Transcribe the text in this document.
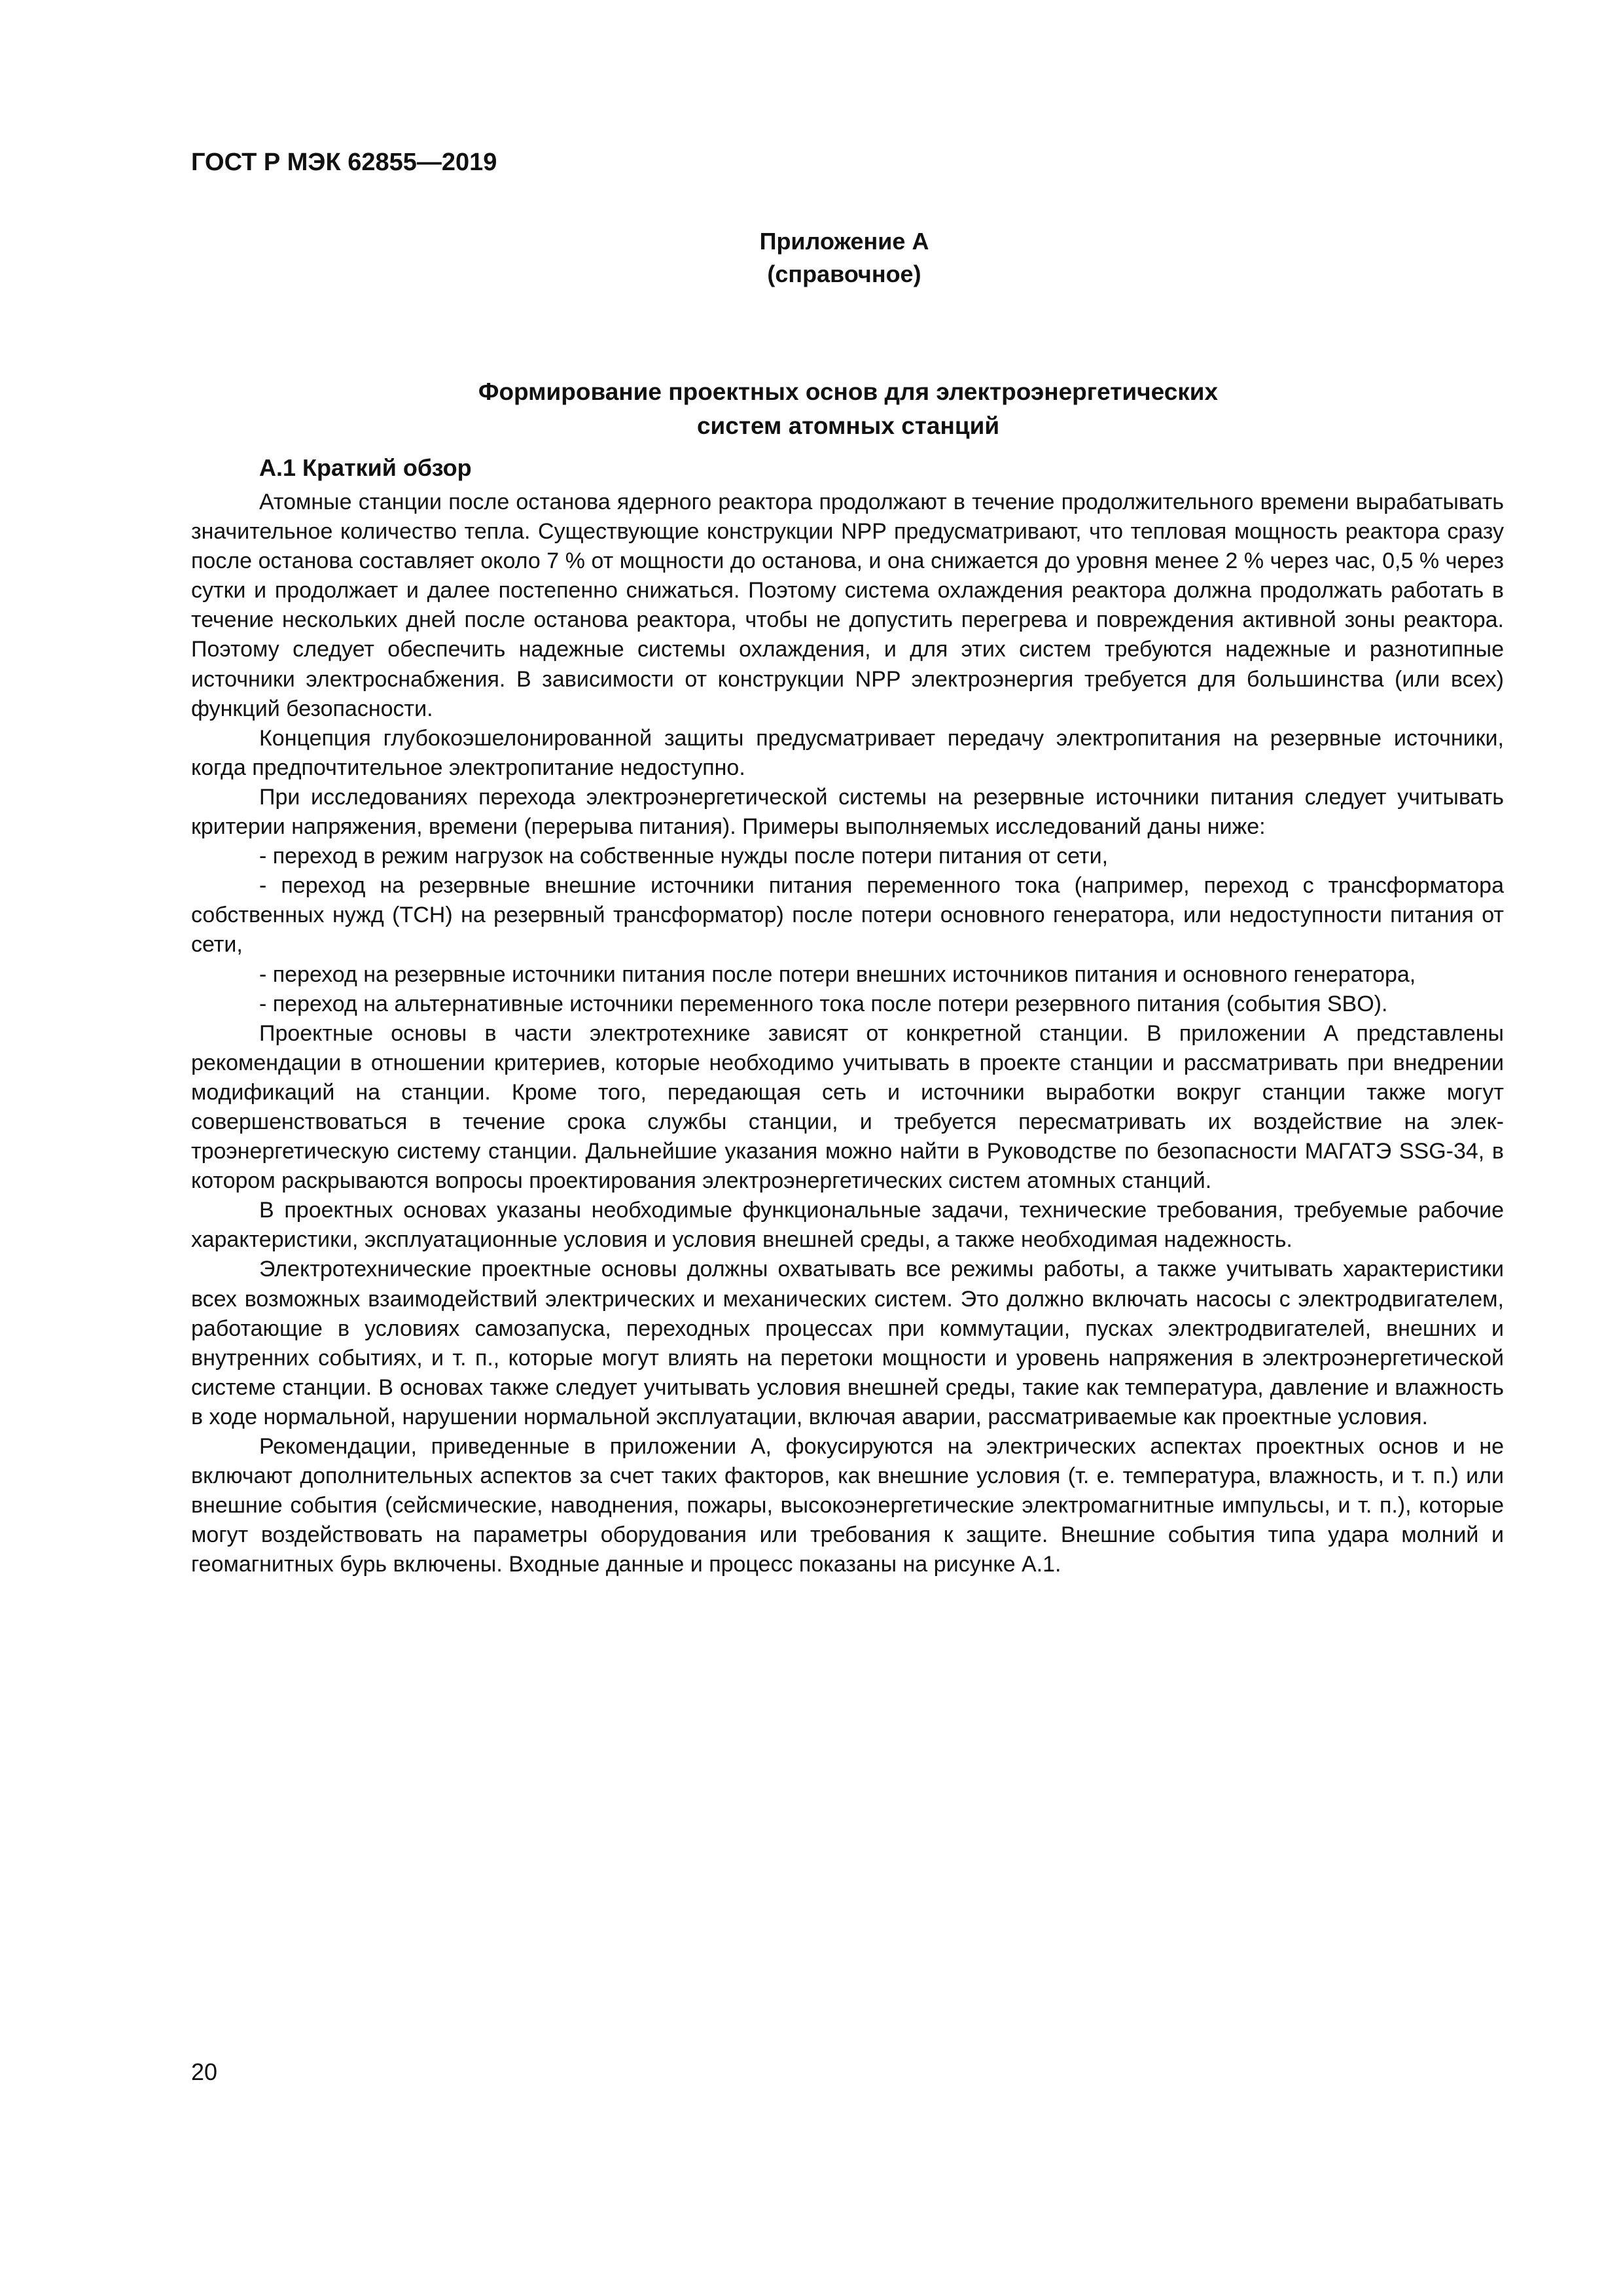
ГОСТ Р МЭК 62855—2019
Приложение А
(справочное)
Формирование проектных основ для электроэнергетических
систем атомных станций
А.1 Краткий обзор

Атомные станции после останова ядерного реактора продолжают в течение продолжительного времени вырабатывать значительное количество тепла. Существующие конструкции NPP предусматривают, что тепловая мощность реактора сразу после останова составляет около 7 % от мощности до останова, и она снижается до уровня менее 2 % через час, 0,5 % через сутки и продолжает и далее постепенно снижаться. Поэтому система охлаждения реактора должна продолжать работать в течение нескольких дней после останова реактора, чтобы не допустить перегрева и повреждения активной зоны реактора. Поэтому следует обеспечить надежные системы охлаждения, и для этих систем требуются надежные и разнотипные источники электроснабжения. В зависимости от конструкции NPP электроэнергия требуется для большинства (или всех) функций безопасности.

Концепция глубокоэшелонированной защиты предусматривает передачу электропитания на резервные источники, когда предпочтительное электропитание недоступно.

При исследованиях перехода электроэнергетической системы на резервные источники питания следует учитывать критерии напряжения, времени (перерыва питания). Примеры выполняемых исследований даны ниже:

- переход в режим нагрузок на собственные нужды после потери питания от сети,

- переход на резервные внешние источники питания переменного тока (например, переход с трансформатора собственных нужд (ТСН) на резервный трансформатор) после потери основного генератора, или недоступности питания от сети,

- переход на резервные источники питания после потери внешних источников питания и основного генератора,

- переход на альтернативные источники переменного тока после потери резервного питания (события SBO).

Проектные основы в части электротехнике зависят от конкретной станции. В приложении А представлены рекомендации в отношении критериев, которые необходимо учитывать в проекте станции и рассматривать при внедрении модификаций на станции. Кроме того, передающая сеть и источники выработки вокруг станции также могут совершенствоваться в течение срока службы станции, и требуется пересматривать их воздействие на электроэнергетическую систему станции. Дальнейшие указания можно найти в Руководстве по безопасности МАГАТЭ SSG-34, в котором раскрываются вопросы проектирования электроэнергетических систем атомных станций.

В проектных основах указаны необходимые функциональные задачи, технические требования, требуемые рабочие характеристики, эксплуатационные условия и условия внешней среды, а также необходимая надежность.

Электротехнические проектные основы должны охватывать все режимы работы, а также учитывать характеристики всех возможных взаимодействий электрических и механических систем. Это должно включать насосы с электродвигателем, работающие в условиях самозапуска, переходных процессах при коммутации, пусках электродвигателей, внешних и внутренних событиях, и т. п., которые могут влиять на перетоки мощности и уровень напряжения в электроэнергетической системе станции. В основах также следует учитывать условия внешней среды, такие как температура, давление и влажность в ходе нормальной, нарушении нормальной эксплуатации, включая аварии, рассматриваемые как проектные условия.

Рекомендации, приведенные в приложении А, фокусируются на электрических аспектах проектных основ и не включают дополнительных аспектов за счет таких факторов, как внешние условия (т. е. температура, влажность, и т. п.) или внешние события (сейсмические, наводнения, пожары, высокоэнергетические электромагнитные импульсы, и т. п.), которые могут воздействовать на параметры оборудования или требования к защите. Внешние события типа удара молний и геомагнитных бурь включены. Входные данные и процесс показаны на рисунке А.1.

20
